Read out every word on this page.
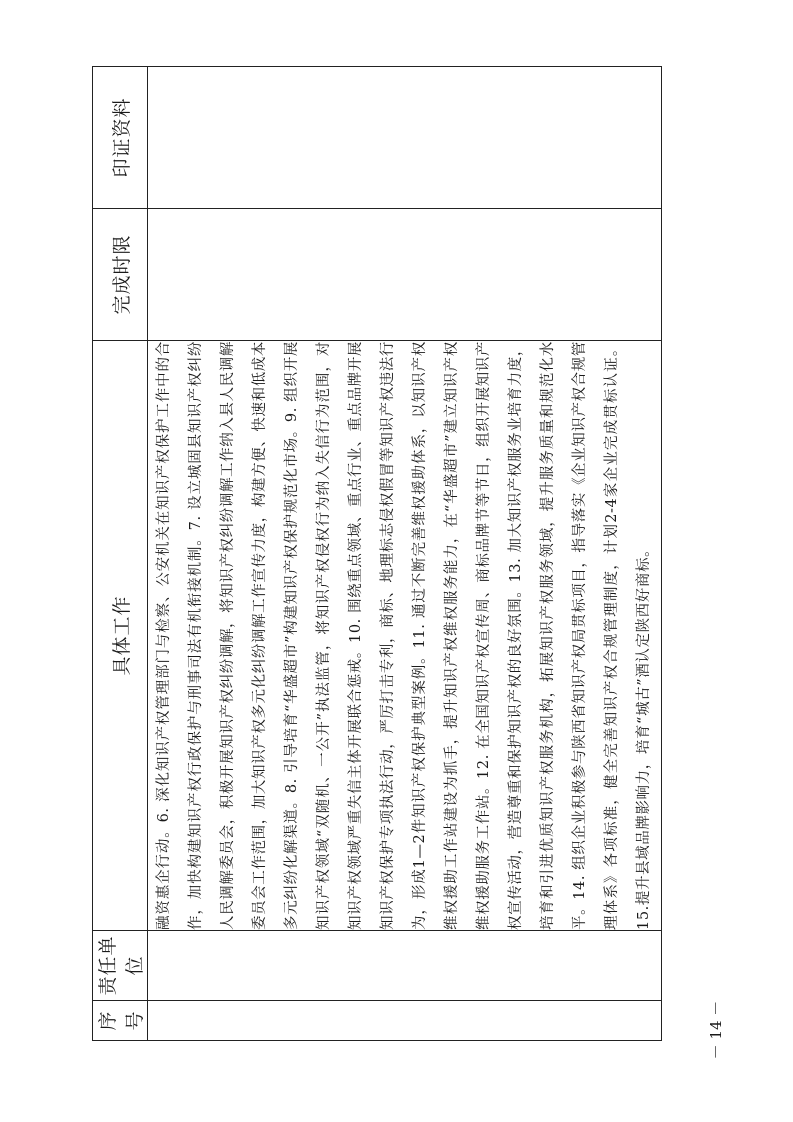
序号	责任单位	具体工作	完成时限	印证资料

		融资惠企行动。6. 深化知识产权管理部门与检察、公安机关在知识产权保护工作中的合作，加快构建知识产权行政保护与刑事司法有机衔接机制。7. 设立城固县知识产权纠纷人民调解委员会，积极开展知识产权纠纷调解，将知识产权纠纷调解工作纳入县人民调解委员会工作范围，加大知识产权多元化纠纷调解工作宣传力度，构建方便、快速和低成本多元纠纷化解渠道。8. 引导培育“华盛超市”构建知识产权保护规范化市场。9. 组织开展知识产权领域“双随机、一公开”执法监管，将知识产权侵权行为纳入失信行为范围，对知识产权领域严重失信主体开展联合惩戒。10. 围绕重点领域、重点行业、重点品牌开展知识产权保护专项执法行动，严厉打击专利，商标、地理标志侵权假冒等知识产权违法行为，形成1—2件知识产权保护典型案例。11. 通过不断完善维权援助体系，以知识产权维权援助工作站建设为抓手，提升知识产权维权服务能力，在“华盛超市”建立知识产权维权援助服务工作站。12. 在全国知识产权宣传周、商标品牌节等节日，组织开展知识产权宣传活动，营造尊重和保护知识产权的良好氛围。13. 加大知识产权服务业培育力度，培育和引进优质知识产权服务机构，拓展知识产权服务领域，提升服务质量和规范化水平。14. 组织企业积极参与陕西省知识产权局贯标项目，指导落实《企业知识产权合规管理体系》各项标准，健全完善知识产权合规管理制度，计划2-4家企业完成贯标认证。15.提升县域品牌影响力，培育“城古”酒认定陕西好商标。		

－ 14 －
